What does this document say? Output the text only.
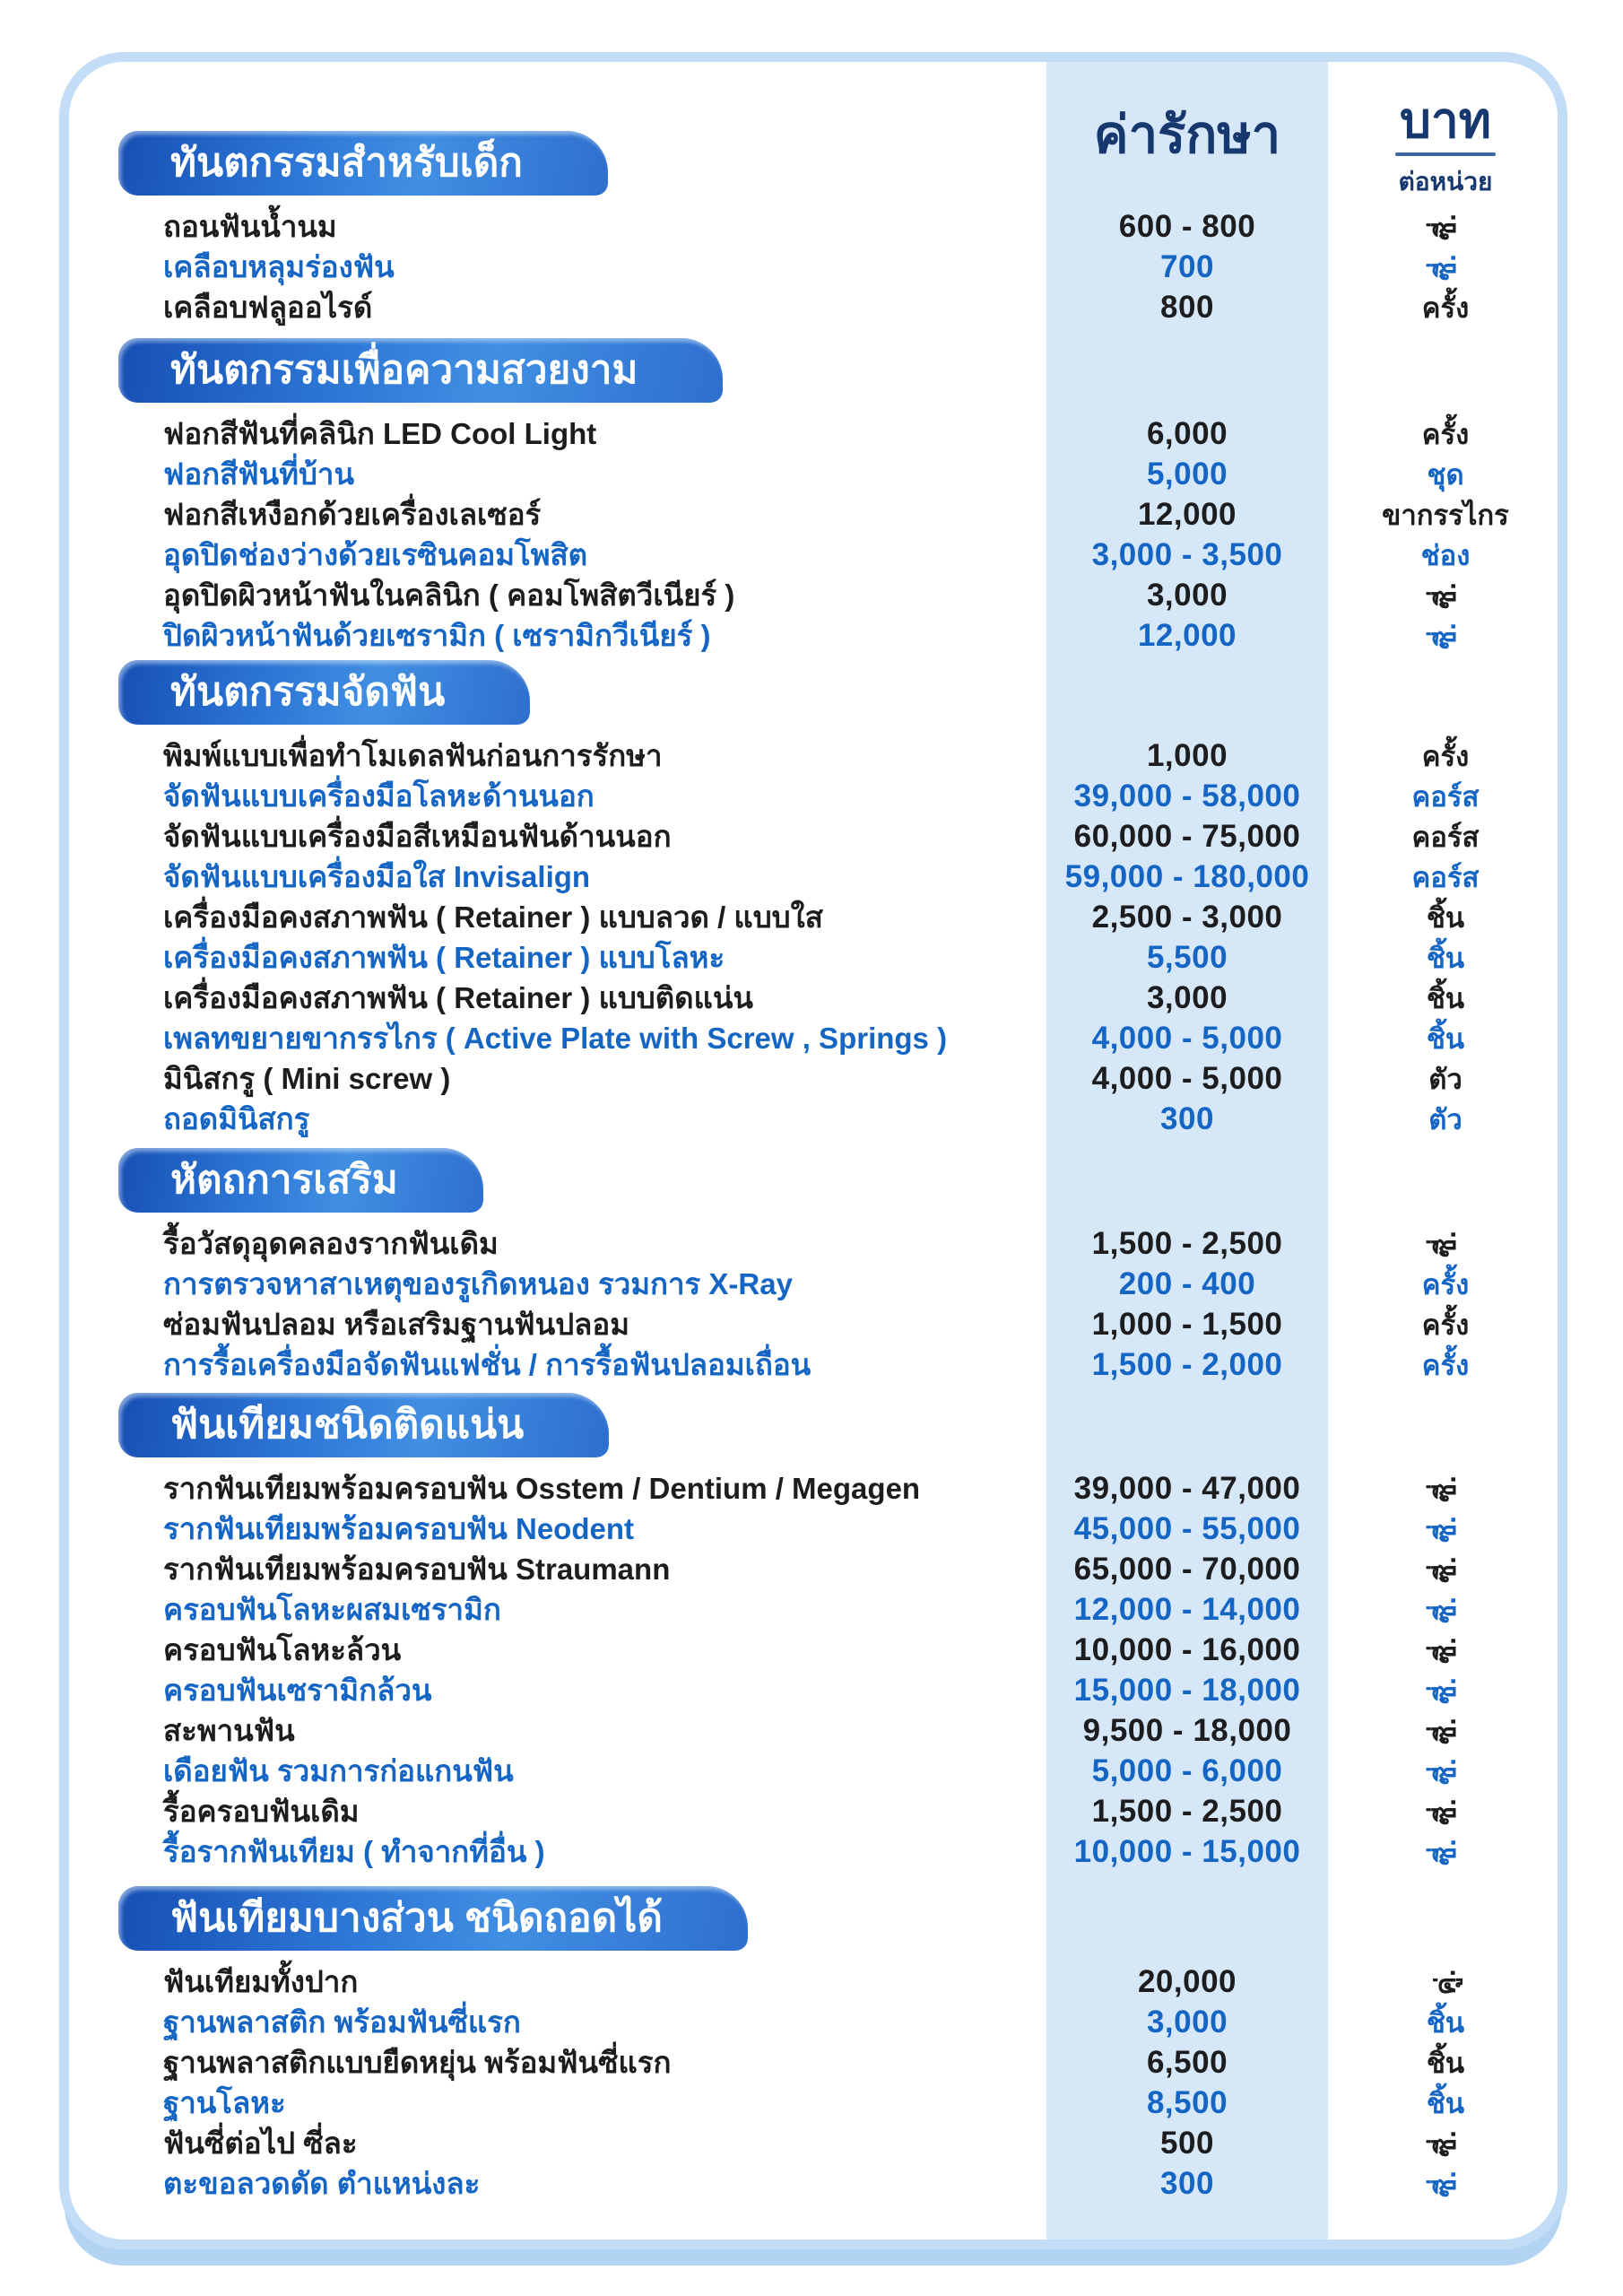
ค่ารักษา	บาท
ต่อหน่วย
ทันตกรรมสำหรับเด็ก
ถอนฟันน้ำนม	600 - 800	ซี่.
เคลือบหลุมร่องฟัน	700	ซี่.
เคลือบฟลูออไรด์	800	ครั้ง
ทันตกรรมเพื่อความสวยงาม
ฟอกสีฟันที่คลินิก LED Cool Light	6,000	ครั้ง
ฟอกสีฟันที่บ้าน	5,000	ชุด
ฟอกสีเหงือกด้วยเครื่องเลเซอร์	12,000	ขากรรไกร
อุดปิดช่องว่างด้วยเรซินคอมโพสิต	3,000 - 3,500	ช่อง
อุดปิดผิวหน้าฟันในคลินิก ( คอมโพสิตวีเนียร์ )	3,000	ซี่.
ปิดผิวหน้าฟันด้วยเซรามิก ( เซรามิกวีเนียร์ )	12,000	ซี่.
ทันตกรรมจัดฟัน
พิมพ์แบบเพื่อทำโมเดลฟันก่อนการรักษา	1,000	ครั้ง
จัดฟันแบบเครื่องมือโลหะด้านนอก	39,000 - 58,000	คอร์ส
จัดฟันแบบเครื่องมือสีเหมือนฟันด้านนอก	60,000 - 75,000	คอร์ส
จัดฟันแบบเครื่องมือใส Invisalign	59,000 - 180,000	คอร์ส
เครื่องมือคงสภาพฟัน ( Retainer ) แบบลวด / แบบใส	2,500 - 3,000	ชิ้น
เครื่องมือคงสภาพฟัน ( Retainer ) แบบโลหะ	5,500	ชิ้น
เครื่องมือคงสภาพฟัน ( Retainer ) แบบติดแน่น	3,000	ชิ้น
เพลทขยายขากรรไกร ( Active Plate with Screw , Springs )	4,000 - 5,000	ชิ้น
มินิสกรู ( Mini screw )	4,000 - 5,000	ตัว
ถอดมินิสกรู	300	ตัว
หัตถการเสริม
รื้อวัสดุอุดคลองรากฟันเดิม	1,500 - 2,500	ซี่.
การตรวจหาสาเหตุของรูเกิดหนอง รวมการ X-Ray	200 - 400	ครั้ง
ซ่อมฟันปลอม หรือเสริมฐานฟันปลอม	1,000 - 1,500	ครั้ง
การรื้อเครื่องมือจัดฟันแฟชั่น / การรื้อฟันปลอมเถื่อน	1,500 - 2,000	ครั้ง
ฟันเทียมชนิดติดแน่น
รากฟันเทียมพร้อมครอบฟัน Osstem / Dentium / Megagen	39,000 - 47,000	ซี่.
รากฟันเทียมพร้อมครอบฟัน Neodent	45,000 - 55,000	ซี่.
รากฟันเทียมพร้อมครอบฟัน Straumann	65,000 - 70,000	ซี่.
ครอบฟันโลหะผสมเซรามิก	12,000 - 14,000	ซี่.
ครอบฟันโลหะล้วน	10,000 - 16,000	ซี่.
ครอบฟันเซรามิกล้วน	15,000 - 18,000	ซี่.
สะพานฟัน	9,500 - 18,000	ซี่.
เดือยฟัน รวมการก่อแกนฟัน	5,000 - 6,000	ซี่.
รื้อครอบฟันเดิม	1,500 - 2,500	ซี่.
รื้อรากฟันเทียม ( ทำจากที่อื่น )	10,000 - 15,000	ซี่.
ฟันเทียมบางส่วน ชนิดถอดได้
ฟันเทียมทั้งปาก	20,000	คู่.
ฐานพลาสติก พร้อมฟันซี่แรก	3,000	ชิ้น
ฐานพลาสติกแบบยืดหยุ่น พร้อมฟันซี่แรก	6,500	ชิ้น
ฐานโลหะ	8,500	ชิ้น
ฟันซี่ต่อไป ซี่ละ	500	ซี่.
ตะขอลวดดัด ตำแหน่งละ	300	ซี่.
